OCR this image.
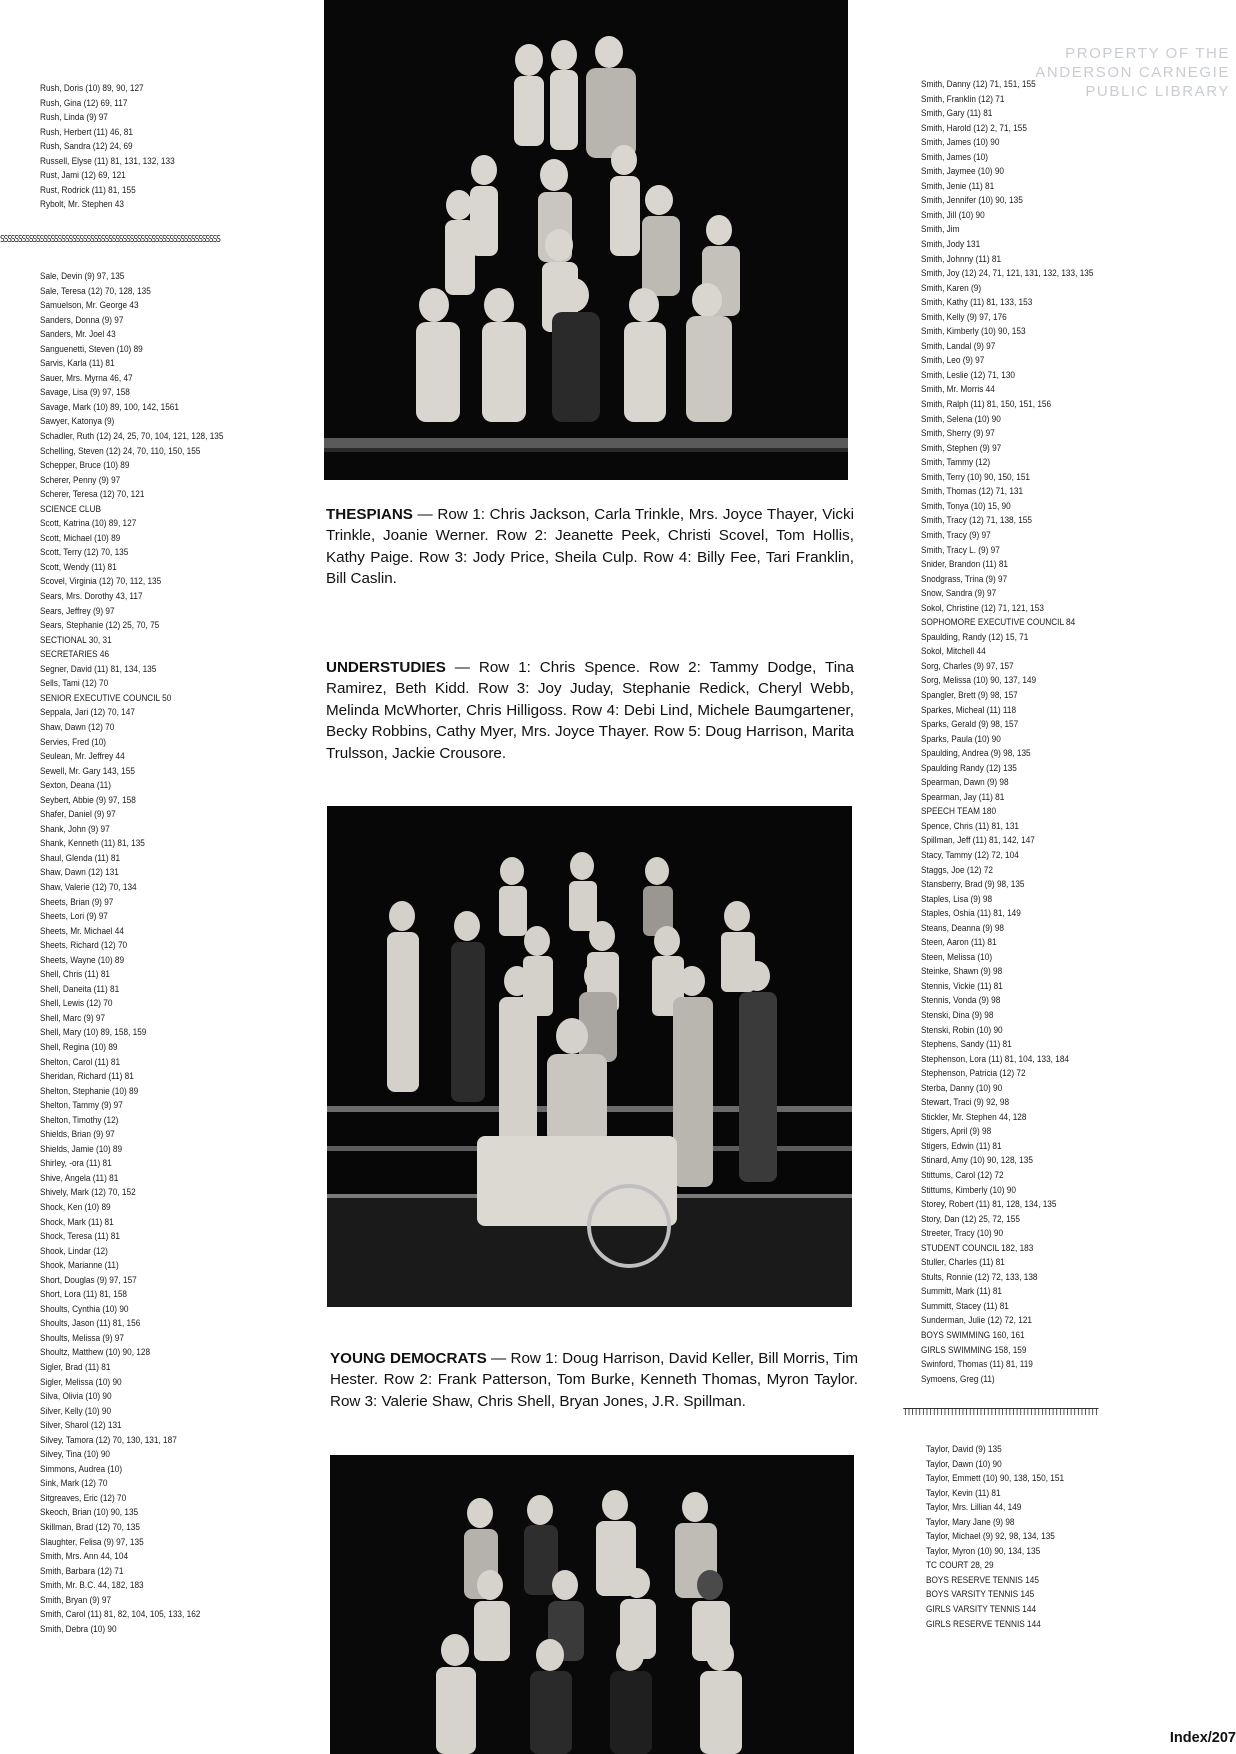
PROPERTY OF THE
ANDERSON CARNEGIE
PUBLIC LIBRARY
Rush, Doris (10) 89, 90, 127
Rush, Gina (12) 69, 117
Rush, Linda (9) 97
Rush, Herbert (11) 46, 81
Rush, Sandra (12) 24, 69
Russell, Elyse (11) 81, 131, 132, 133
Rust, Jami (12) 69, 121
Rust, Rodrick (11) 81, 155
Rybolt, Mr. Stephen 43
SSSSSSSSSSSSSSSSSSSSSSSSSSSSSSSSSSSSSSSSSSSSSSSSSSSSSSSSSSSSS
Sale, Devin (9) 97, 135
Sale, Teresa (12) 70, 128, 135
Samuelson, Mr. George 43
Sanders, Donna (9) 97
Sanders, Mr. Joel 43
Sanguenetti, Steven (10) 89
Sarvis, Karla (11) 81
Sauer, Mrs. Myrna 46, 47
Savage, Lisa (9) 97, 158
Savage, Mark (10) 89, 100, 142, 1561
Sawyer, Katonya (9)
Schadler, Ruth (12) 24, 25, 70, 104, 121, 128, 135
Schelling, Steven (12) 24, 70, 110, 150, 155
Schepper, Bruce (10) 89
Scherer, Penny (9) 97
Scherer, Teresa (12) 70, 121
SCIENCE CLUB
Scott, Katrina (10) 89, 127
Scott, Michael (10) 89
Scott, Terry (12) 70, 135
Scott, Wendy (11) 81
Scovel, Virginia (12) 70, 112, 135
Sears, Mrs. Dorothy 43, 117
Sears, Jeffrey (9) 97
Sears, Stephanie (12) 25, 70, 75
SECTIONAL 30, 31
SECRETARIES 46
Segner, David (11) 81, 134, 135
Sells, Tami (12) 70
SENIOR EXECUTIVE COUNCIL 50
Seppala, Jari (12) 70, 147
Shaw, Dawn (12) 70
Servies, Fred (10)
Seulean, Mr. Jeffrey 44
Sewell, Mr. Gary 143, 155
Sexton, Deana (11)
Seybert, Abbie (9) 97, 158
Shafer, Daniel (9) 97
Shank, John (9) 97
Shank, Kenneth (11) 81, 135
Shaul, Glenda (11) 81
Shaw, Dawn (12) 131
Shaw, Valerie (12) 70, 134
Sheets, Brian (9) 97
Sheets, Lori (9) 97
Sheets, Mr. Michael 44
Sheets, Richard (12) 70
Sheets, Wayne (10) 89
Shell, Chris (11) 81
Shell, Daneita (11) 81
Shell, Lewis (12) 70
Shell, Marc (9) 97
Shell, Mary (10) 89, 158, 159
Shell, Regina (10) 89
Shelton, Carol (11) 81
Sheridan, Richard (11) 81
Shelton, Stephanie (10) 89
Shelton, Tammy (9) 97
Shelton, Timothy (12)
Shields, Brian (9) 97
Shields, Jamie (10) 89
Shirley, -ora (11) 81
Shive, Angela (11) 81
Shively, Mark (12) 70, 152
Shock, Ken (10) 89
Shock, Mark (11) 81
Shock, Teresa (11) 81
Shook, Lindar (12)
Shook, Marianne (11)
Short, Douglas (9) 97, 157
Short, Lora (11) 81, 158
Shoults, Cynthia (10) 90
Shoults, Jason (11) 81, 156
Shoults, Melissa (9) 97
Shoultz, Matthew (10) 90, 128
Sigler, Brad (11) 81
Sigler, Melissa (10) 90
Silva, Olivia (10) 90
Silver, Kelly (10) 90
Silver, Sharol (12) 131
Silvey, Tamora (12) 70, 130, 131, 187
Silvey, Tina (10) 90
Simmons, Audrea (10)
Sink, Mark (12) 70
Sitgreaves, Eric (12) 70
Skeoch, Brian (10) 90, 135
Skillman, Brad (12) 70, 135
Slaughter, Felisa (9) 97, 135
Smith, Mrs. Ann 44, 104
Smith, Barbara (12) 71
Smith, Mr. B.C. 44, 182, 183
Smith, Bryan (9) 97
Smith, Carol (11) 81, 82, 104, 105, 133, 162
Smith, Debra (10) 90

THESPIANS — Row 1: Chris Jackson, Carla Trinkle, Mrs. Joyce Thayer, Vicki Trinkle, Joanie Werner. Row 2: Jeanette Peek, Christi Scovel, Tom Hollis, Kathy Paige. Row 3: Jody Price, Sheila Culp. Row 4: Billy Fee, Tari Franklin, Bill Caslin.

UNDERSTUDIES — Row 1: Chris Spence. Row 2: Tammy Dodge, Tina Ramirez, Beth Kidd. Row 3: Joy Juday, Stephanie Redick, Cheryl Webb, Melinda McWhorter, Chris Hilligoss. Row 4: Debi Lind, Michele Baumgartener, Becky Robbins, Cathy Myer, Mrs. Joyce Thayer. Row 5: Doug Harrison, Marita Trulsson, Jackie Crousore.

YOUNG DEMOCRATS — Row 1: Doug Harrison, David Keller, Bill Morris, Tim Hester. Row 2: Frank Patterson, Tom Burke, Kenneth Thomas, Myron Taylor. Row 3: Valerie Shaw, Chris Shell, Bryan Jones, J.R. Spillman.

Smith, Danny (12) 71, 151, 155
Smith, Franklin (12) 71
Smith, Gary (11) 81
Smith, Harold (12) 2, 71, 155
Smith, James (10) 90
Smith, James (10)
Smith, Jaymee (10) 90
Smith, Jenie (11) 81
Smith, Jennifer (10) 90, 135
Smith, Jill (10) 90
Smith, Jim
Smith, Jody 131
Smith, Johnny (11) 81
Smith, Joy (12) 24, 71, 121, 131, 132, 133, 135
Smith, Karen (9)
Smith, Kathy (11) 81, 133, 153
Smith, Kelly (9) 97, 176
Smith, Kimberly (10) 90, 153
Smith, Landal (9) 97
Smith, Leo (9) 97
Smith, Leslie (12) 71, 130
Smith, Mr. Morris 44
Smith, Ralph (11) 81, 150, 151, 156
Smith, Selena (10) 90
Smith, Sherry (9) 97
Smith, Stephen (9) 97
Smith, Tammy (12)
Smith, Terry (10) 90, 150, 151
Smith, Thomas (12) 71, 131
Smith, Tonya (10) 15, 90
Smith, Tracy (12) 71, 138, 155
Smith, Tracy (9) 97
Smith, Tracy L. (9) 97
Snider, Brandon (11) 81
Snodgrass, Trina (9) 97
Snow, Sandra (9) 97
Sokol, Christine (12) 71, 121, 153
SOPHOMORE EXECUTIVE COUNCIL 84
Spaulding, Randy (12) 15, 71
Sokol, Mitchell 44
Sorg, Charles (9) 97, 157
Sorg, Melissa (10) 90, 137, 149
Spangler, Brett (9) 98, 157
Sparkes, Micheal (11) 118
Sparks, Gerald (9) 98, 157
Sparks, Paula (10) 90
Spaulding, Andrea (9) 98, 135
Spaulding Randy (12) 135
Spearman, Dawn (9) 98
Spearman, Jay (11) 81
SPEECH TEAM 180
Spence, Chris (11) 81, 131
Spillman, Jeff (11) 81, 142, 147
Stacy, Tammy (12) 72, 104
Staggs, Joe (12) 72
Stansberry, Brad (9) 98, 135
Staples, Lisa (9) 98
Staples, Oshia (11) 81, 149
Steans, Deanna (9) 98
Steen, Aaron (11) 81
Steen, Melissa (10)
Steinke, Shawn (9) 98
Stennis, Vickie (11) 81
Stennis, Vonda (9) 98
Stenski, Dina (9) 98
Stenski, Robin (10) 90
Stephens, Sandy (11) 81
Stephenson, Lora (11) 81, 104, 133, 184
Stephenson, Patricia (12) 72
Sterba, Danny (10) 90
Stewart, Traci (9) 92, 98
Stickler, Mr. Stephen 44, 128
Stigers, April (9) 98
Stigers, Edwin (11) 81
Stinard, Amy (10) 90, 128, 135
Stittums, Carol (12) 72
Stittums, Kimberly (10) 90
Storey, Robert (11) 81, 128, 134, 135
Story, Dan (12) 25, 72, 155
Streeter, Tracy (10) 90
STUDENT COUNCIL 182, 183
Stuller, Charles (11) 81
Stults, Ronnie (12) 72, 133, 138
Summitt, Mark (11) 81
Summitt, Stacey (11) 81
Sunderman, Julie (12) 72, 121
BOYS SWIMMING 160, 161
GIRLS SWIMMING 158, 159
Swinford, Thomas (11) 81, 119
Symoens, Greg (11)
TTTTTTTTTTTTTTTTTTTTTTTTTTTTTTTTTTTTTTTTTTTTTTTTTTTTTT
Taylor, David (9) 135
Taylor, Dawn (10) 90
Taylor, Emmett (10) 90, 138, 150, 151
Taylor, Kevin (11) 81
Taylor, Mrs. Lillian 44, 149
Taylor, Mary Jane (9) 98
Taylor, Michael (9) 92, 98, 134, 135
Taylor, Myron (10) 90, 134, 135
TC COURT 28, 29
BOYS RESERVE TENNIS 145
BOYS VARSITY TENNIS 145
GIRLS VARSITY TENNIS 144
GIRLS RESERVE TENNIS 144
Index/207
